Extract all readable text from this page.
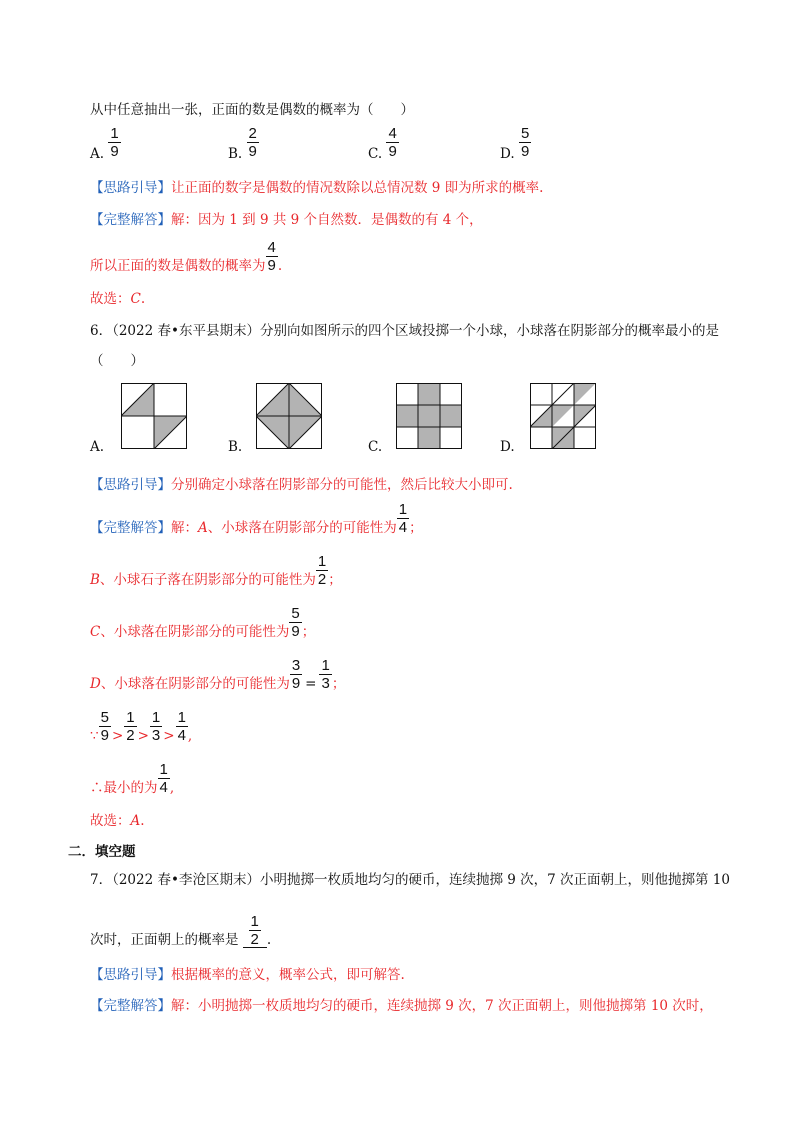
从中任意抽出一张，正面的数是偶数的概率为（　　）
A. $\frac{1}{9}$	B. $\frac{2}{9}$	C. $\frac{4}{9}$	D. $\frac{5}{9}$
【思路引导】让正面的数字是偶数的情况数除以总情况数 9 即为所求的概率.
【完整解答】解：因为 1 到 9 共 9 个自然数．是偶数的有 4 个，
所以正面的数是偶数的概率为 $\frac{4}{9}$ .
故选：C.
6．（2022 春•东平县期末）分别向如图所示的四个区域投掷一个小球，小球落在阴影部分的概率最小的是
（　　）
A.	B.	C.	D.
【思路引导】分别确定小球落在阴影部分的可能性，然后比较大小即可.
【完整解答】解：A、小球落在阴影部分的可能性为 $\frac{1}{4}$ ；
B、小球石子落在阴影部分的可能性为 $\frac{1}{2}$ ；
C、小球落在阴影部分的可能性为 $\frac{5}{9}$ ；
D、小球落在阴影部分的可能性为 $\frac{3}{9} = \frac{1}{3}$ ；
∵ $\frac{5}{9} > \frac{1}{2} > \frac{1}{3} > \frac{1}{4}$ ,
∴最小的为 $\frac{1}{4}$ ,
故选：A.
二．填空题
7．（2022 春•李沧区期末）小明抛掷一枚质地均匀的硬币，连续抛掷 9 次，7 次正面朝上，则他抛掷第 10
次时，正面朝上的概率是 $\frac{1}{2}$ .
【思路引导】根据概率的意义，概率公式，即可解答.
【完整解答】解：小明抛掷一枚质地均匀的硬币，连续抛掷 9 次，7 次正面朝上，则他抛掷第 10 次时，
